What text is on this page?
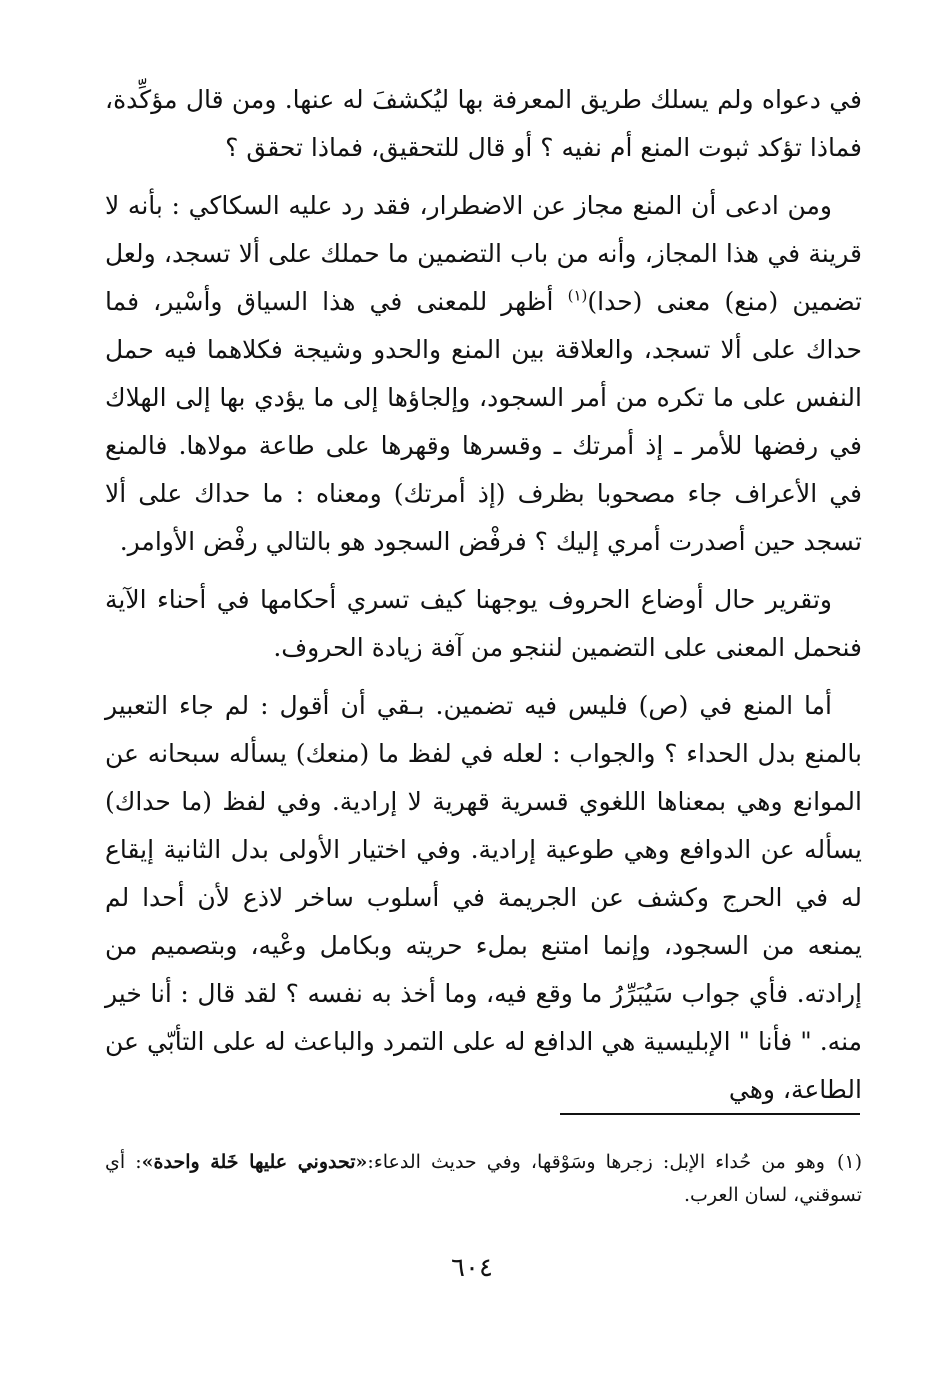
في دعواه ولم يسلك طريق المعرفة بها ليُكشفَ له عنها. ومن قال مؤكِّدة، فماذا تؤكد ثبوت المنع أم نفيه ؟ أو قال للتحقيق، فماذا تحقق ؟

ومن ادعى أن المنع مجاز عن الاضطرار، فقد رد عليه السكاكي : بأنه لا قرينة في هذا المجاز، وأنه من باب التضمين ما حملك على ألا تسجد، ولعل تضمين (منع) معنى (حدا)$^{(١)}$ أظهر للمعنى في هذا السياق وأسْير، فما حداك على ألا تسجد، والعلاقة بين المنع والحدو وشيجة فكلاهما فيه حمل النفس على ما تكره من أمر السجود، وإلجاؤها إلى ما يؤدي بها إلى الهلاك في رفضها للأمر ـ إذ أمرتك ـ وقسرها وقهرها على طاعة مولاها. فالمنع في الأعراف جاء مصحوبا بظرف (إذ أمرتك) ومعناه : ما حداك على ألا تسجد حين أصدرت أمري إليك ؟ فرفْض السجود هو بالتالي رفْض الأوامر.

وتقرير حال أوضاع الحروف يوجهنا كيف تسري أحكامها في أحناء الآية فنحمل المعنى على التضمين لننجو من آفة زيادة الحروف.

أما المنع في (ص) فليس فيه تضمين. بـقي أن أقول : لم جاء التعبير بالمنع بدل الحداء ؟ والجواب : لعله في لفظ ما (منعك) يسأله سبحانه عن الموانع وهي بمعناها اللغوي قسرية قهرية لا إرادية. وفي لفظ (ما حداك) يسأله عن الدوافع وهي طوعية إرادية. وفي اختيار الأولى بدل الثانية إيقاع له في الحرج وكشف عن الجريمة في أسلوب ساخر لاذع لأن أحدا لم يمنعه من السجود، وإنما امتنع بملء حريته وبكامل وعْيه، وبتصميم من إرادته. فأي جواب سَيُبَرِّرُ ما وقع فيه، وما أخذ به نفسه ؟ لقد قال : أنا خير منه. " فأنا " الإبليسية هي الدافع له على التمرد والباعث له على التأبّي عن الطاعة، وهي

(١)وهو من حُداء الإبل: زجرها وسَوْقها، وفي حديث الدعاء:«تحدوني عليها خَلة واحدة»: أي تسوقني، لسان العرب.
٦٠٤
